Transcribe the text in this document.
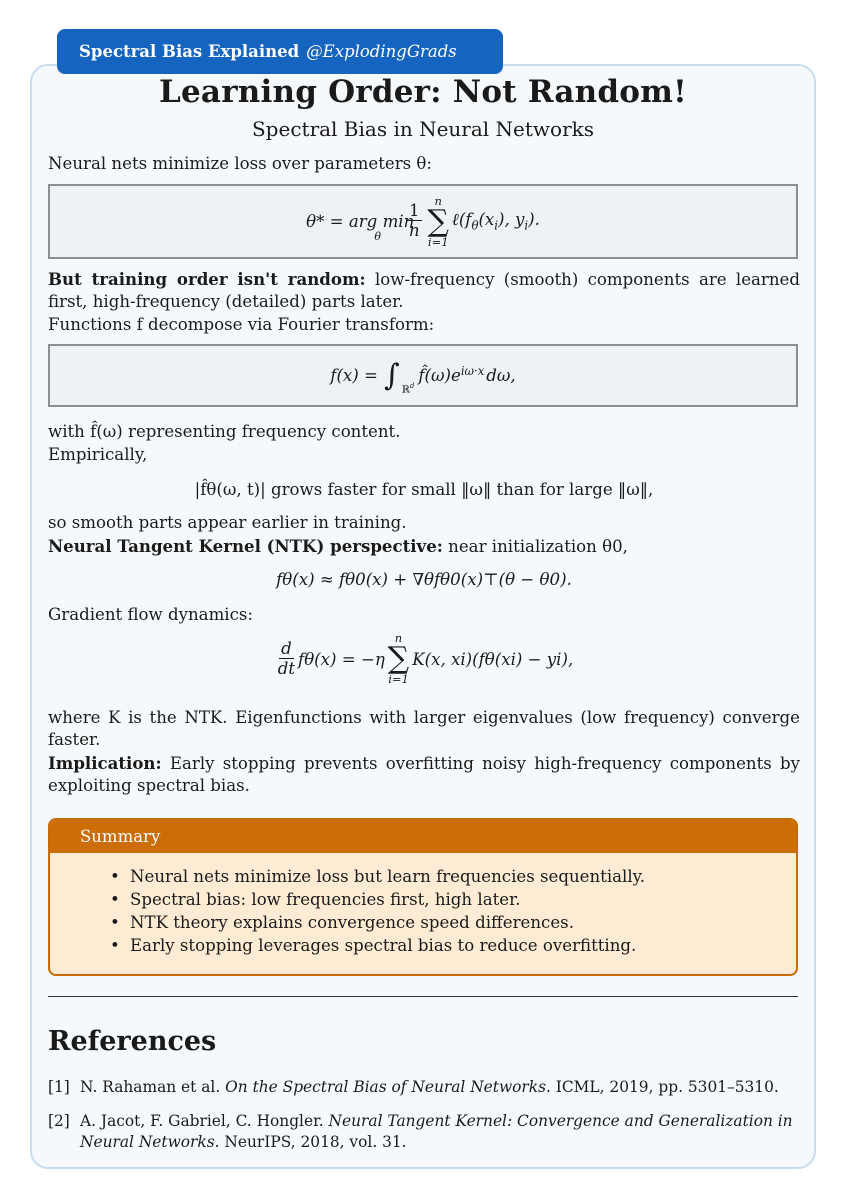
Spectral Bias Explained @ExplodingGrads
Learning Order: Not Random!
Spectral Bias in Neural Networks
Neural nets minimize loss over parameters θ:
θ* = arg min
θ $\frac{1}{n}$
n
∑
i=1
$\ell(f_\theta(x_i)$, $y_i$).
But training order isn't random: low-frequency (smooth) components are learned first, high-frequency (detailed) parts later.
Functions f decompose via Fourier transform:
f(x) = ∫ ℝ$^d$
$f̂(\omega)e^{i\omega\cdot x}$ dω,
with f̂(ω) representing frequency content.
Empirically,
|f̂θ(ω, t)| grows faster for small ‖ω‖ than for large ‖ω‖,
so smooth parts appear earlier in training.
Neural Tangent Kernel (NTK) perspective: near initialization θ0,
fθ(x) ≈ fθ0(x) + ∇θfθ0(x)⊤(θ − θ0).
Gradient flow dynamics:
$\frac{d}{dt} f\theta(x) = -\eta$
n
∑
i=1
K(x, xi)(fθ(xi) − yi),
where K is the NTK. Eigenfunctions with larger eigenvalues (low frequency) converge faster.
Implication: Early stopping prevents overfitting noisy high-frequency components by exploiting spectral bias.
Summary
• Neural nets minimize loss but learn frequencies sequentially.
• Spectral bias: low frequencies first, high later.
• NTK theory explains convergence speed differences.
• Early stopping leverages spectral bias to reduce overfitting.
References
[1] N. Rahaman et al. On the Spectral Bias of Neural Networks. ICML, 2019, pp. 5301–5310.
[2] A. Jacot, F. Gabriel, C. Hongler. Neural Tangent Kernel: Convergence and Generalization in Neural Networks. NeurIPS, 2018, vol. 31.
